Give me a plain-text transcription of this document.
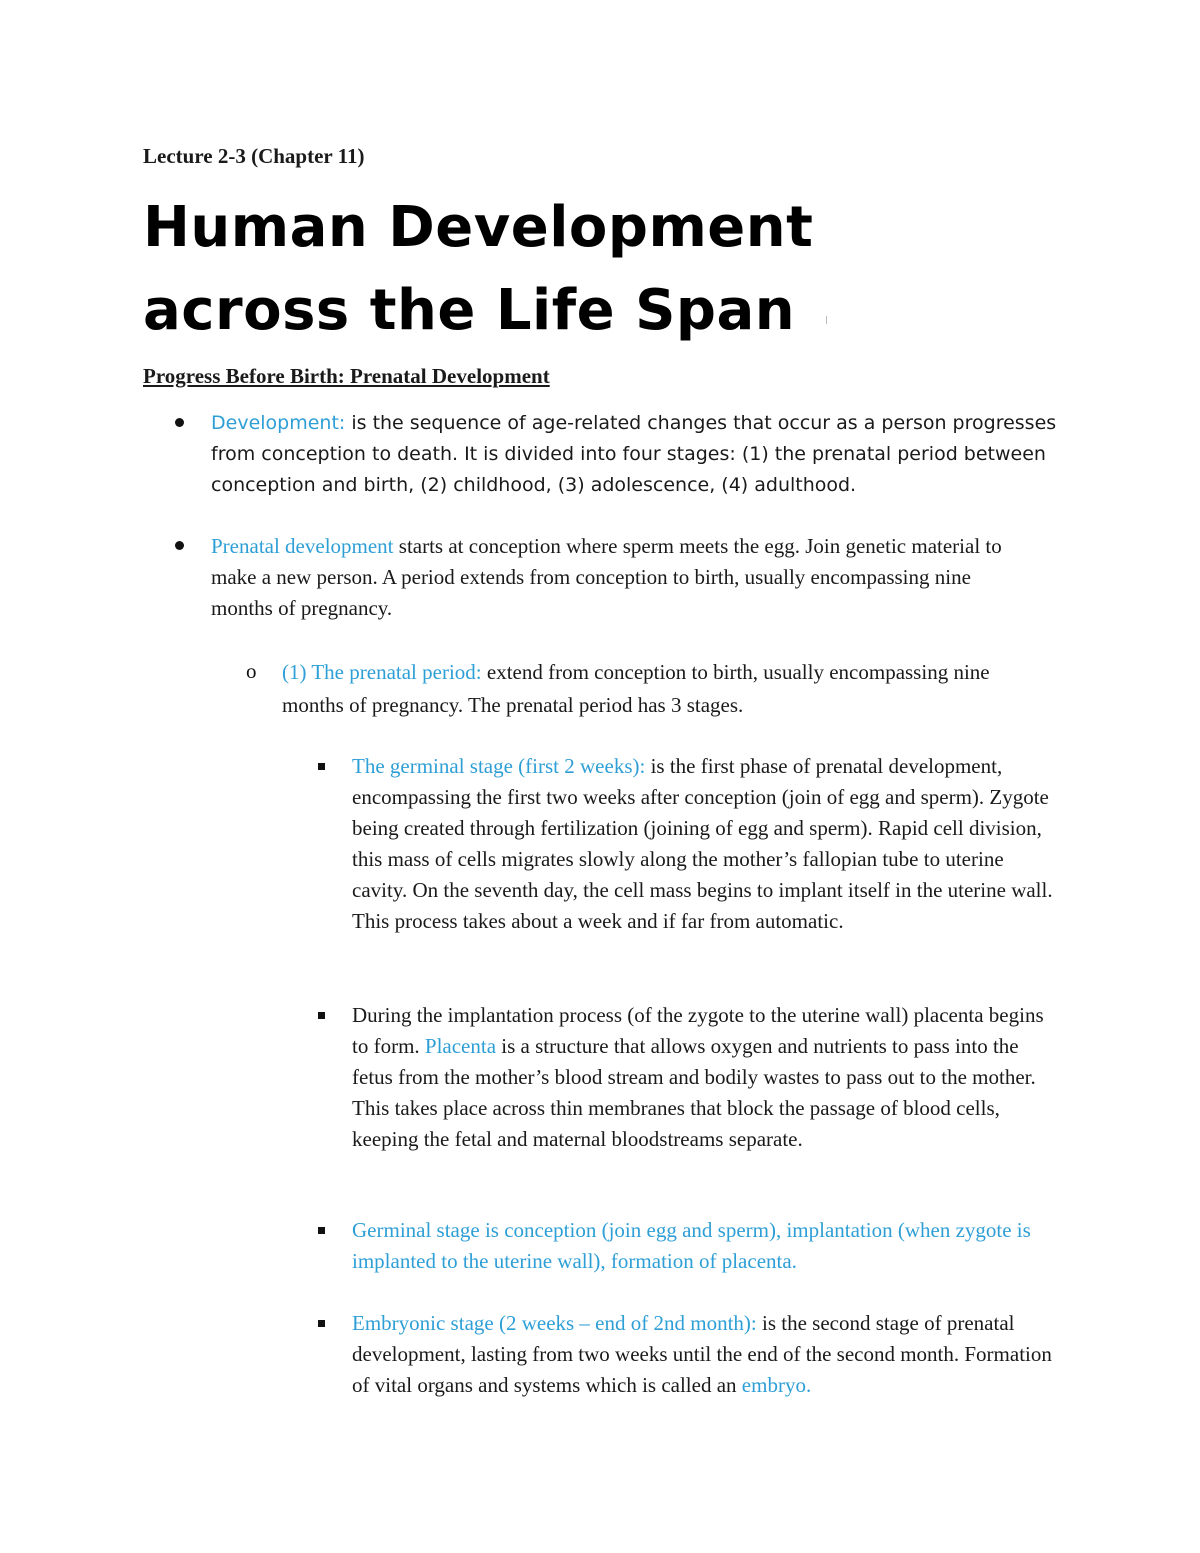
Lecture 2-3 (Chapter 11)
Human Development
across the Life Span
Progress Before Birth: Prenatal Development
Development: is the sequence of age-related changes that occur as a person progresses from conception to death. It is divided into four stages: (1) the prenatal period between conception and birth, (2) childhood, (3) adolescence, (4) adulthood.
Prenatal development starts at conception where sperm meets the egg. Join genetic material to make a new person. A period extends from conception to birth, usually encompassing nine months of pregnancy.
o (1) The prenatal period: extend from conception to birth, usually encompassing nine months of pregnancy. The prenatal period has 3 stages.
The germinal stage (first 2 weeks): is the first phase of prenatal development, encompassing the first two weeks after conception (join of egg and sperm). Zygote being created through fertilization (joining of egg and sperm). Rapid cell division, this mass of cells migrates slowly along the mother’s fallopian tube to uterine cavity. On the seventh day, the cell mass begins to implant itself in the uterine wall. This process takes about a week and if far from automatic.
During the implantation process (of the zygote to the uterine wall) placenta begins to form. Placenta is a structure that allows oxygen and nutrients to pass into the fetus from the mother’s blood stream and bodily wastes to pass out to the mother. This takes place across thin membranes that block the passage of blood cells, keeping the fetal and maternal bloodstreams separate.
Germinal stage is conception (join egg and sperm), implantation (when zygote is implanted to the uterine wall), formation of placenta.
Embryonic stage (2 weeks – end of 2nd month): is the second stage of prenatal development, lasting from two weeks until the end of the second month. Formation of vital organs and systems which is called an embryo.
